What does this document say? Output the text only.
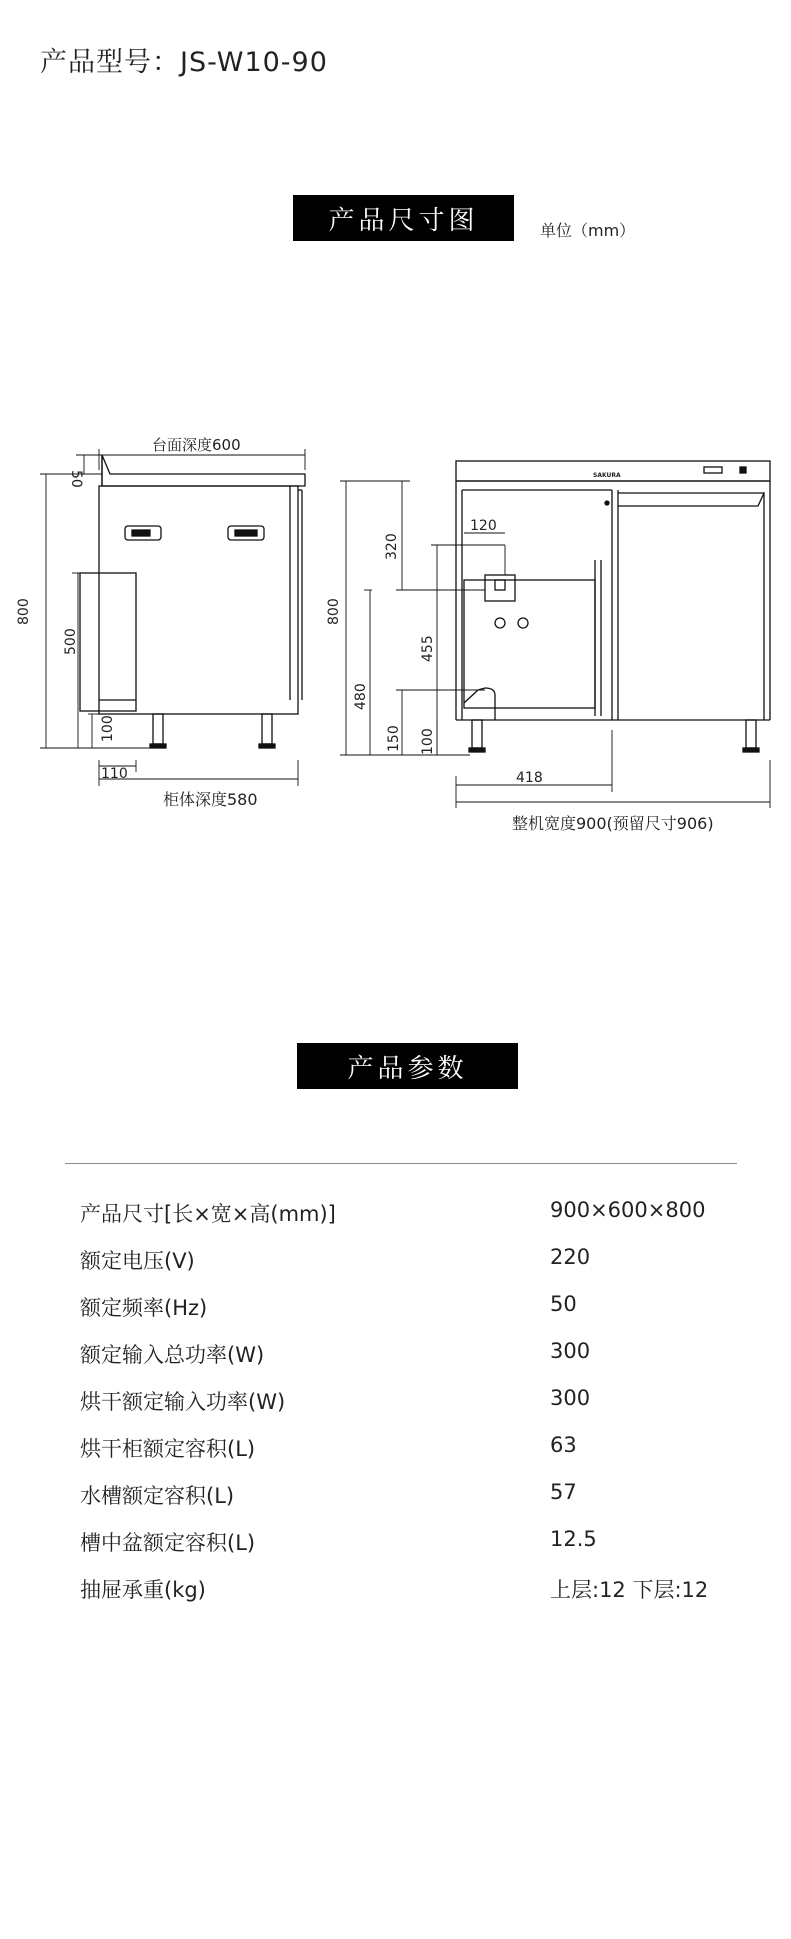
产品型号：JS-W10-90
产品尺寸图	单位（mm）
台面深度600
50
800
500
100
110
柜体深度580
800
320
480
120
455
150 100
418
整机宽度900(预留尺寸906)
SAKURA
产品参数
产品尺寸[长×宽×高(mm)]	900×600×800
额定电压(V)	220
额定频率(Hz)	50
额定输入总功率(W)	300
烘干额定输入功率(W)	300
烘干柜额定容积(L)	63
水槽额定容积(L)	57
槽中盆额定容积(L)	12.5
抽屉承重(kg)	上层:12 下层:12
